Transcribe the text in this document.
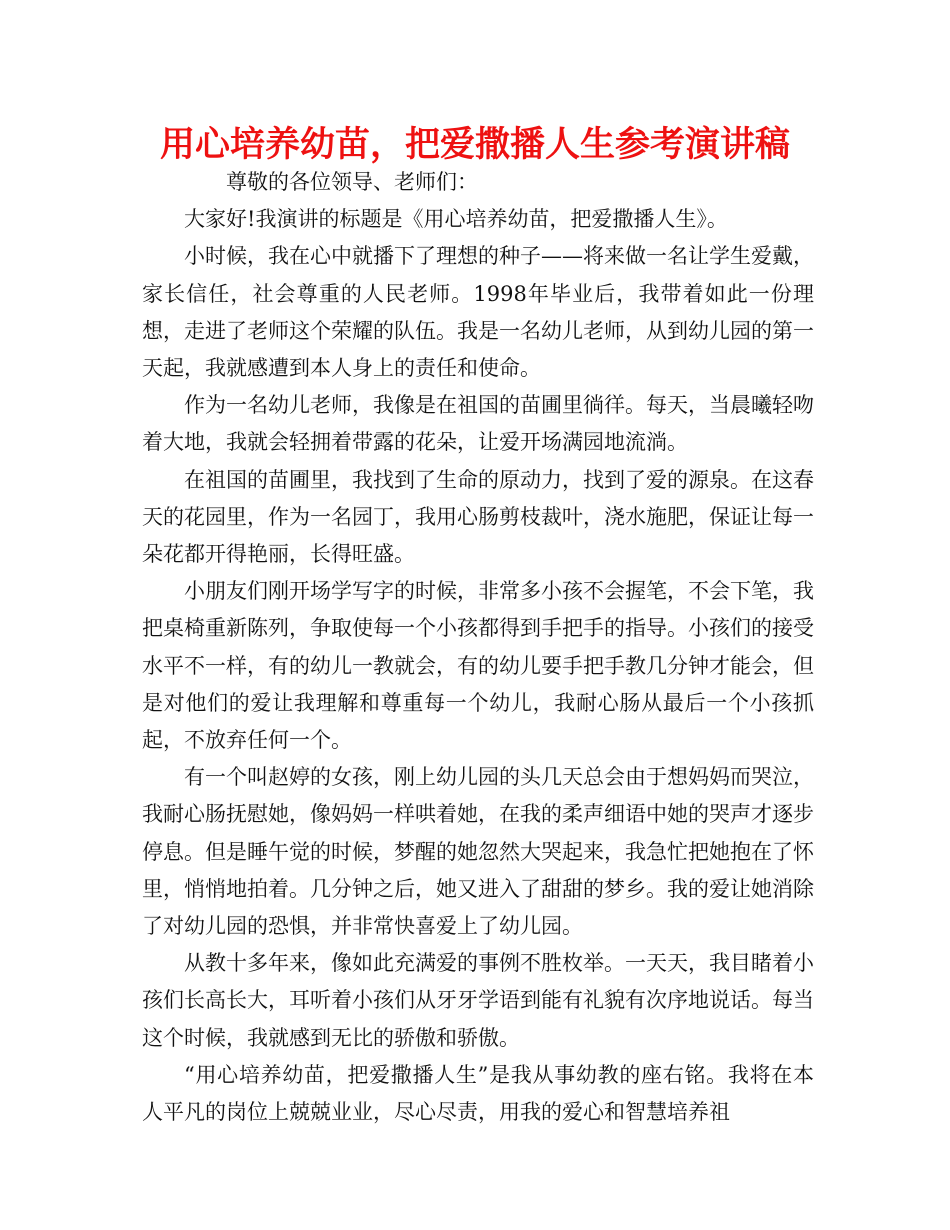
用心培养幼苗，把爱撒播人生参考演讲稿

尊敬的各位领导、老师们：

大家好!我演讲的标题是《用心培养幼苗，把爱撒播人生》。

小时候，我在心中就播下了理想的种子——将来做一名让学生爱戴，家长信任，社会尊重的人民老师。1998年毕业后，我带着如此一份理想，走进了老师这个荣耀的队伍。我是一名幼儿老师，从到幼儿园的第一天起，我就感遭到本人身上的责任和使命。

作为一名幼儿老师，我像是在祖国的苗圃里徜徉。每天，当晨曦轻吻着大地，我就会轻拥着带露的花朵，让爱开场满园地流淌。

在祖国的苗圃里，我找到了生命的原动力，找到了爱的源泉。在这春天的花园里，作为一名园丁，我用心肠剪枝裁叶，浇水施肥，保证让每一朵花都开得艳丽，长得旺盛。

小朋友们刚开场学写字的时候，非常多小孩不会握笔，不会下笔，我把桌椅重新陈列，争取使每一个小孩都得到手把手的指导。小孩们的接受水平不一样，有的幼儿一教就会，有的幼儿要手把手教几分钟才能会，但是对他们的爱让我理解和尊重每一个幼儿，我耐心肠从最后一个小孩抓起，不放弃任何一个。

有一个叫赵婷的女孩，刚上幼儿园的头几天总会由于想妈妈而哭泣，我耐心肠抚慰她，像妈妈一样哄着她，在我的柔声细语中她的哭声才逐步停息。但是睡午觉的时候，梦醒的她忽然大哭起来，我急忙把她抱在了怀里，悄悄地拍着。几分钟之后，她又进入了甜甜的梦乡。我的爱让她消除了对幼儿园的恐惧，并非常快喜爱上了幼儿园。

从教十多年来，像如此充满爱的事例不胜枚举。一天天，我目睹着小孩们长高长大，耳听着小孩们从牙牙学语到能有礼貌有次序地说话。每当这个时候，我就感到无比的骄傲和骄傲。

“用心培养幼苗，把爱撒播人生”是我从事幼教的座右铭。我将在本人平凡的岗位上兢兢业业，尽心尽责，用我的爱心和智慧培养祖
